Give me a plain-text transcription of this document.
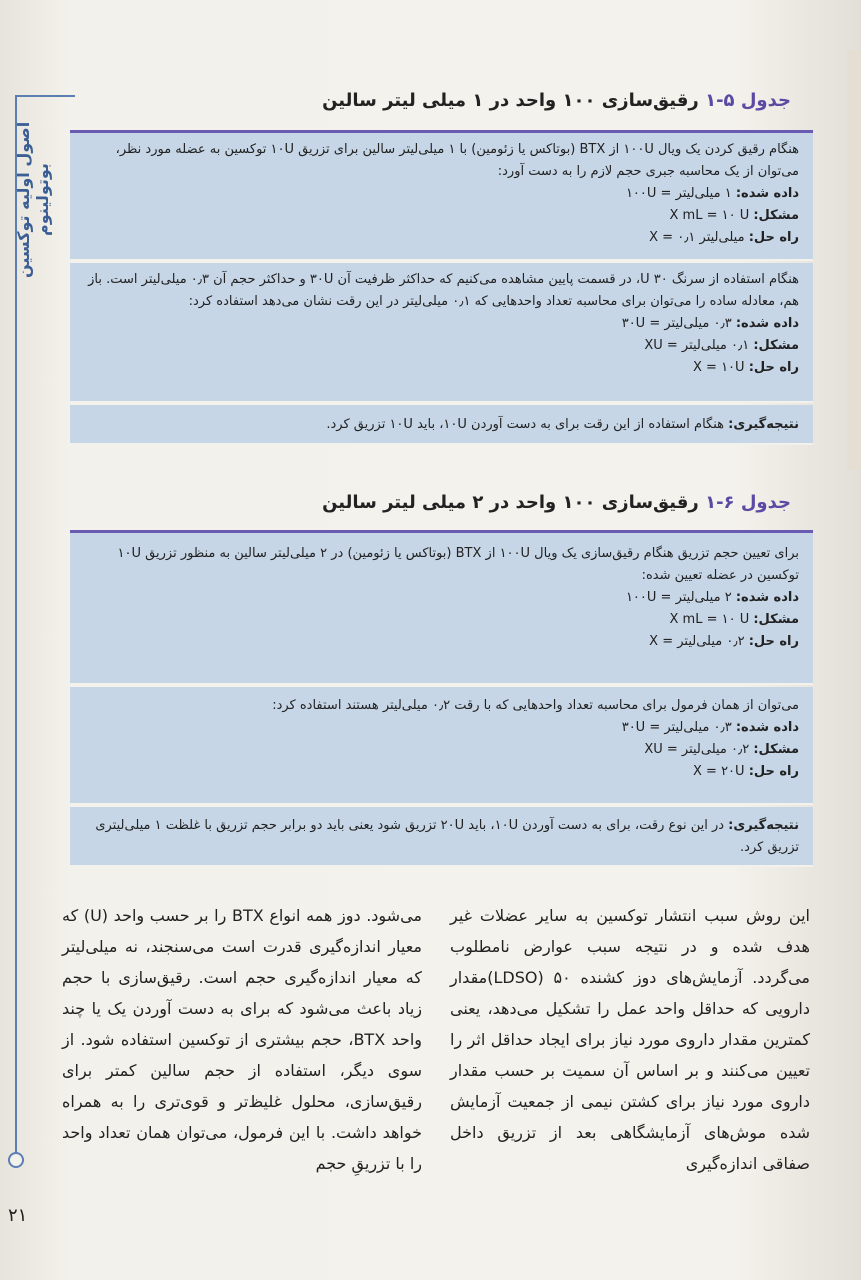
اصول اولیه توکسین بوتولینوم
۲۱
جدول ۵-۱ رقیق‌سازی ۱۰۰ واحد در ۱ میلی لیتر سالین
هنگام رقیق کردن یک ویال ۱۰۰U از BTX (بوتاکس یا زئومین) با ۱ میلی‌لیتر سالین برای تزریق ۱۰U توکسین به عضله مورد نظر، می‌توان از یک محاسبه جبری حجم لازم را به دست آورد:
داده شده: ۱ میلی‌لیتر = ۱۰۰U
مشکل: X mL = ۱۰ U
راه حل: میلی‌لیتر ۰٫۱ = X
هنگام استفاده از سرنگ ۳۰ U، در قسمت پایین مشاهده می‌کنیم که حداکثر ظرفیت آن ۳۰U و حداکثر حجم آن ۰٫۳ میلی‌لیتر است. باز هم، معادله ساده را می‌توان برای محاسبه تعداد واحدهایی که ۰٫۱ میلی‌لیتر در این رقت نشان می‌دهد استفاده کرد:
داده شده: ۰٫۳ میلی‌لیتر = ۳۰U
مشکل: ۰٫۱ میلی‌لیتر = XU
راه حل: X = ۱۰U
نتیجه‌گیری: هنگام استفاده از این رقت برای به دست آوردن ۱۰U، باید ۱۰U تزریق کرد.
جدول ۶-۱ رقیق‌سازی ۱۰۰ واحد در ۲ میلی لیتر سالین
برای تعیین حجم تزریق هنگام رقیق‌سازی یک ویال ۱۰۰U از BTX (بوتاکس یا زئومین) در ۲ میلی‌لیتر سالین به منظور تزریق ۱۰U توکسین در عضله تعیین شده:
داده شده: ۲ میلی‌لیتر = ۱۰۰U
مشکل: X mL = ۱۰ U
راه حل: ۰٫۲ میلی‌لیتر = X
می‌توان از همان فرمول برای محاسبه تعداد واحدهایی که با رقت ۰٫۲ میلی‌لیتر هستند استفاده کرد:
داده شده: ۰٫۳ میلی‌لیتر = ۳۰U
مشکل: ۰٫۲ میلی‌لیتر = XU
راه حل: X = ۲۰U
نتیجه‌گیری: در این نوع رقت، برای به دست آوردن ۱۰U، باید ۲۰U تزریق شود یعنی باید دو برابر حجم تزریق با غلظت ۱ میلی‌لیتری تزریق کرد.
این روش سبب انتشار توکسین به سایر عضلات غیر هدف شده و در نتیجه سبب عوارض نامطلوب می‌گردد. آزمایش‌های دوز کشنده ۵۰ (LDSO)مقدار دارویی که حداقل واحد عمل را تشکیل می‌دهد، یعنی کمترین مقدار داروی مورد نیاز برای ایجاد حداقل اثر را تعیین می‌کنند و بر اساس آن سمیت بر حسب مقدار داروی مورد نیاز برای کشتن نیمی از جمعیت آزمایش شده موش‌های آزمایشگاهی بعد از تزریق داخل صفاقی اندازه‌گیری
می‌شود. دوز همه انواع BTX را بر حسب واحد (U) که معیار اندازه‌گیری قدرت است می‌سنجند، نه میلی‌لیتر که معیار اندازه‌گیری حجم است. رقیق‌سازی با حجم زیاد باعث می‌شود که برای به دست آوردن یک یا چند واحد BTX، حجم بیشتری از توکسین استفاده شود. از سوی دیگر، استفاده از حجم سالین کمتر برای رقیق‌سازی، محلول غلیظ‌تر و قوی‌تری را به همراه خواهد داشت. با این فرمول، می‌توان همان تعداد واحد را با تزریقِ حجم
